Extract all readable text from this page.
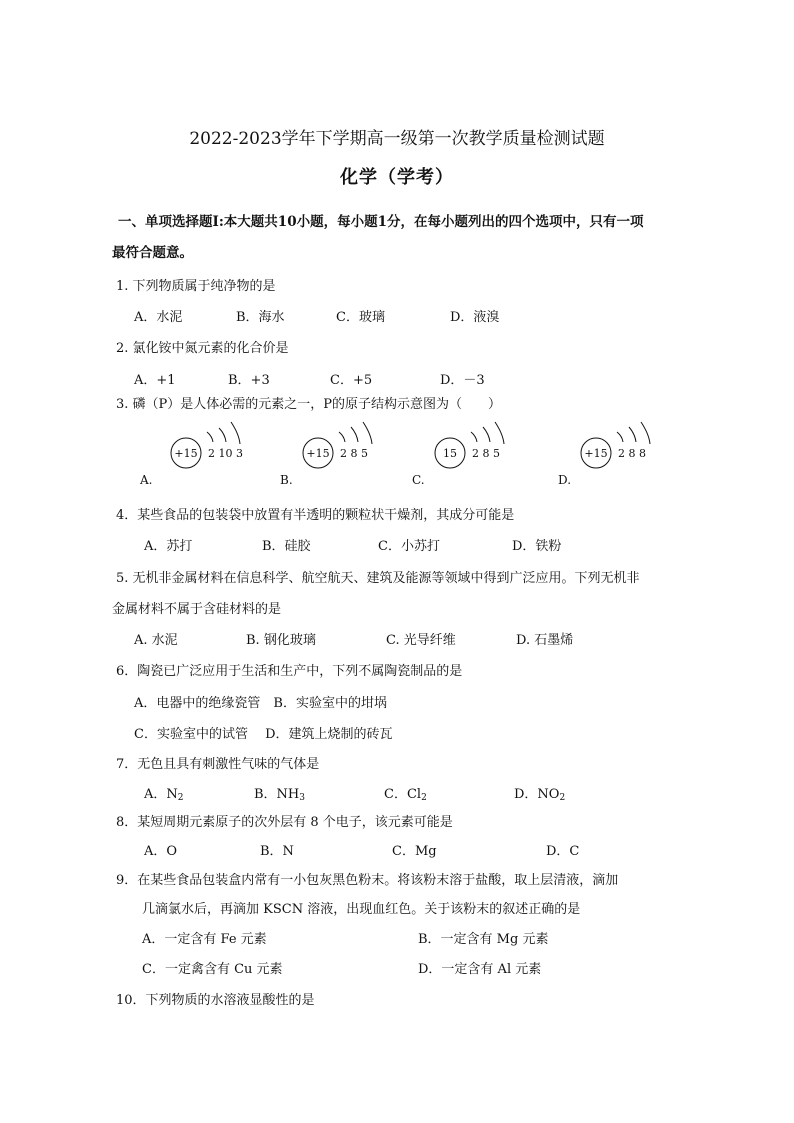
2022-2023学年下学期高一级第一次教学质量检测试题
化学（学考）
一、单项选择题Ⅰ:本大题共10小题，每小题1分，在每小题列出的四个选项中，只有一项
最符合题意。
1. 下列物质属于纯净物的是
A．水泥	B．海水	C．玻璃	D．液溴
2. 氯化铵中氮元素的化合价是
A．+1	B．+3	C．+5	D．－3
3. 磷（P）是人体必需的元素之一，P的原子结构示意图为（　　）
A.
+15 2 10 3
B.
+15 2 8 5
C.
15 2 8 5
D.
+15 2 8 8
4．某些食品的包装袋中放置有半透明的颗粒状干燥剂，其成分可能是
A．苏打	B．硅胶	C．小苏打	D．铁粉
5. 无机非金属材料在信息科学、航空航天、建筑及能源等领域中得到广泛应用。下列无机非
金属材料不属于含硅材料的是
A. 水泥	B. 钢化玻璃	C. 光导纤维	D. 石墨烯
6．陶瓷已广泛应用于生活和生产中，下列不属陶瓷制品的是
A．电器中的绝缘瓷管　B．实验室中的坩埚
C．实验室中的试管　 D．建筑上烧制的砖瓦
7．无色且具有刺激性气味的气体是
A．$N_2$	B．$NH_3$	C．$Cl_2$	D．$NO_2$
8．某短周期元素原子的次外层有 8 个电子，该元素可能是
A．O	B．N	C．Mg	D．C
9．在某些食品包装盒内常有一小包灰黑色粉末。将该粉末溶于盐酸，取上层清液，滴加
几滴氯水后，再滴加 KSCN 溶液，出现血红色。关于该粉末的叙述正确的是
A．一定含有 Fe 元素	B．一定含有 Mg 元素
C．一定禽含有 Cu 元素	D．一定含有 Al 元素
10．下列物质的水溶液显酸性的是
